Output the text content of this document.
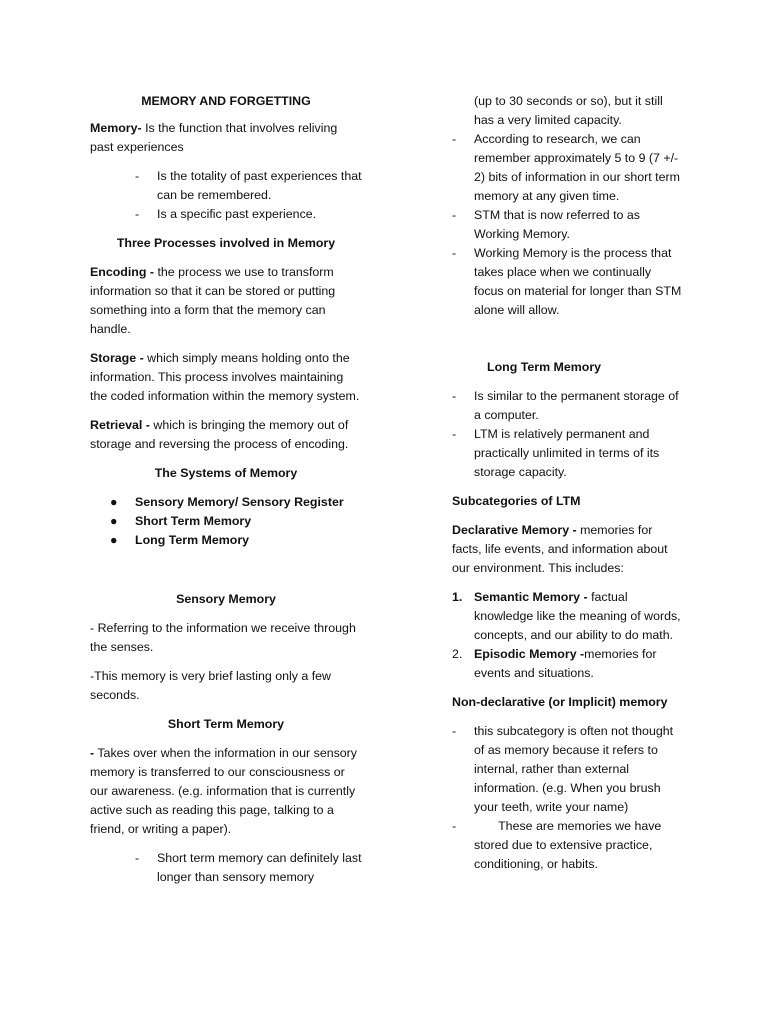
MEMORY AND FORGETTING

Memory- Is the function that involves reliving past experiences

- Is the totality of past experiences that can be remembered.
- Is a specific past experience.

Three Processes involved in Memory

Encoding - the process we use to transform information so that it can be stored or putting something into a form that the memory can handle.

Storage - which simply means holding onto the information. This process involves maintaining the coded information within the memory system.

Retrieval - which is bringing the memory out of storage and reversing the process of encoding.

The Systems of Memory

● Sensory Memory/ Sensory Register
● Short Term Memory
● Long Term Memory

Sensory Memory

- Referring to the information we receive through the senses.

-This memory is very brief lasting only a few seconds.

Short Term Memory

- Takes over when the information in our sensory memory is transferred to our consciousness or our awareness. (e.g. information that is currently active such as reading this page, talking to a friend, or writing a paper).

- Short term memory can definitely last longer than sensory memory
(up to 30 seconds or so), but it still has a very limited capacity.
- According to research, we can remember approximately 5 to 9 (7 +/- 2) bits of information in our short term memory at any given time.
- STM that is now referred to as Working Memory.
- Working Memory is the process that takes place when we continually focus on material for longer than STM alone will allow.

Long Term Memory

- Is similar to the permanent storage of a computer.
- LTM is relatively permanent and practically unlimited in terms of its storage capacity.

Subcategories of LTM

Declarative Memory - memories for facts, life events, and information about our environment. This includes:

1. Semantic Memory - factual knowledge like the meaning of words, concepts, and our ability to do math.
2. Episodic Memory -memories for events and situations.

Non-declarative (or Implicit) memory

- this subcategory is often not thought of as memory because it refers to internal, rather than external information. (e.g. When you brush your teeth, write your name)
- These are memories we have stored due to extensive practice, conditioning, or habits.
